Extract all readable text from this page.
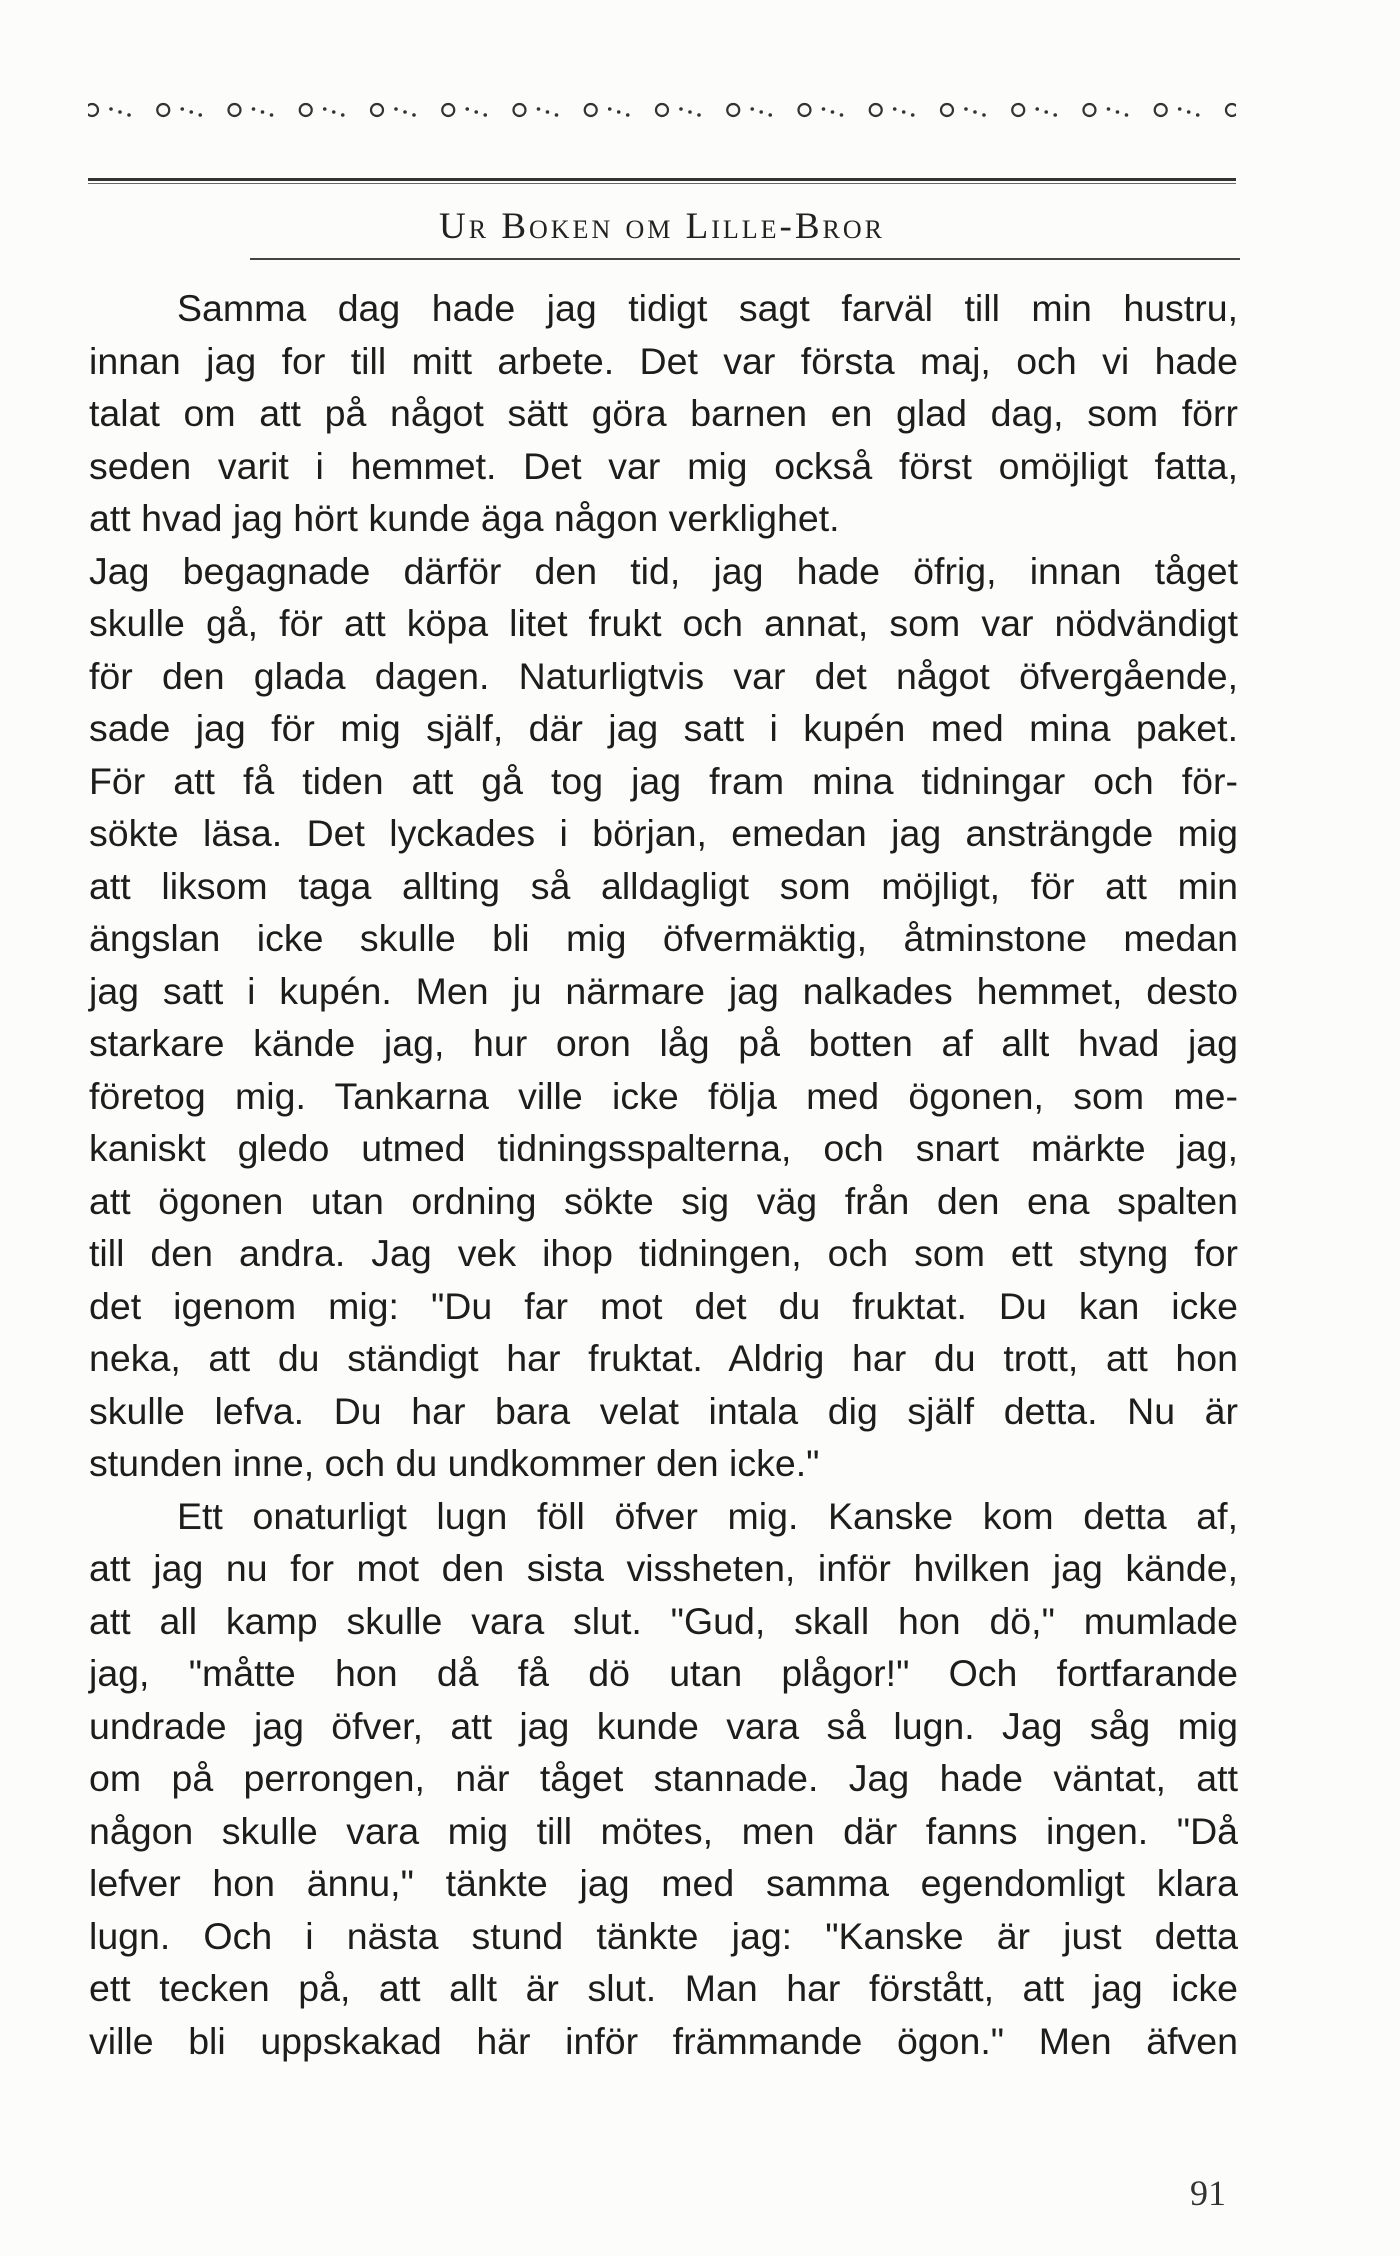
Ur Boken om Lille-Bror
Samma dag hade jag tidigt sagt farväl till min hustru,
innan jag for till mitt arbete. Det var första maj, och vi hade
talat om att på något sätt göra barnen en glad dag, som förr
seden varit i hemmet. Det var mig också först omöjligt fatta,
att hvad jag hört kunde äga någon verklighet.
Jag begagnade därför den tid, jag hade öfrig, innan tåget
skulle gå, för att köpa litet frukt och annat, som var nödvändigt
för den glada dagen. Naturligtvis var det något öfvergående,
sade jag för mig själf, där jag satt i kupén med mina paket.
För att få tiden att gå tog jag fram mina tidningar och för-
sökte läsa. Det lyckades i början, emedan jag ansträngde mig
att liksom taga allting så alldagligt som möjligt, för att min
ängslan icke skulle bli mig öfvermäktig, åtminstone medan
jag satt i kupén. Men ju närmare jag nalkades hemmet, desto
starkare kände jag, hur oron låg på botten af allt hvad jag
företog mig. Tankarna ville icke följa med ögonen, som me-
kaniskt gledo utmed tidningsspalterna, och snart märkte jag,
att ögonen utan ordning sökte sig väg från den ena spalten
till den andra. Jag vek ihop tidningen, och som ett styng for
det igenom mig: "Du far mot det du fruktat. Du kan icke
neka, att du ständigt har fruktat. Aldrig har du trott, att hon
skulle lefva. Du har bara velat intala dig själf detta. Nu är
stunden inne, och du undkommer den icke."
Ett onaturligt lugn föll öfver mig. Kanske kom detta af,
att jag nu for mot den sista vissheten, inför hvilken jag kände,
att all kamp skulle vara slut. "Gud, skall hon dö," mumlade
jag, "måtte hon då få dö utan plågor!" Och fortfarande
undrade jag öfver, att jag kunde vara så lugn. Jag såg mig
om på perrongen, när tåget stannade. Jag hade väntat, att
någon skulle vara mig till mötes, men där fanns ingen. "Då
lefver hon ännu," tänkte jag med samma egendomligt klara
lugn. Och i nästa stund tänkte jag: "Kanske är just detta
ett tecken på, att allt är slut. Man har förstått, att jag icke
ville bli uppskakad här inför främmande ögon." Men äfven
91
